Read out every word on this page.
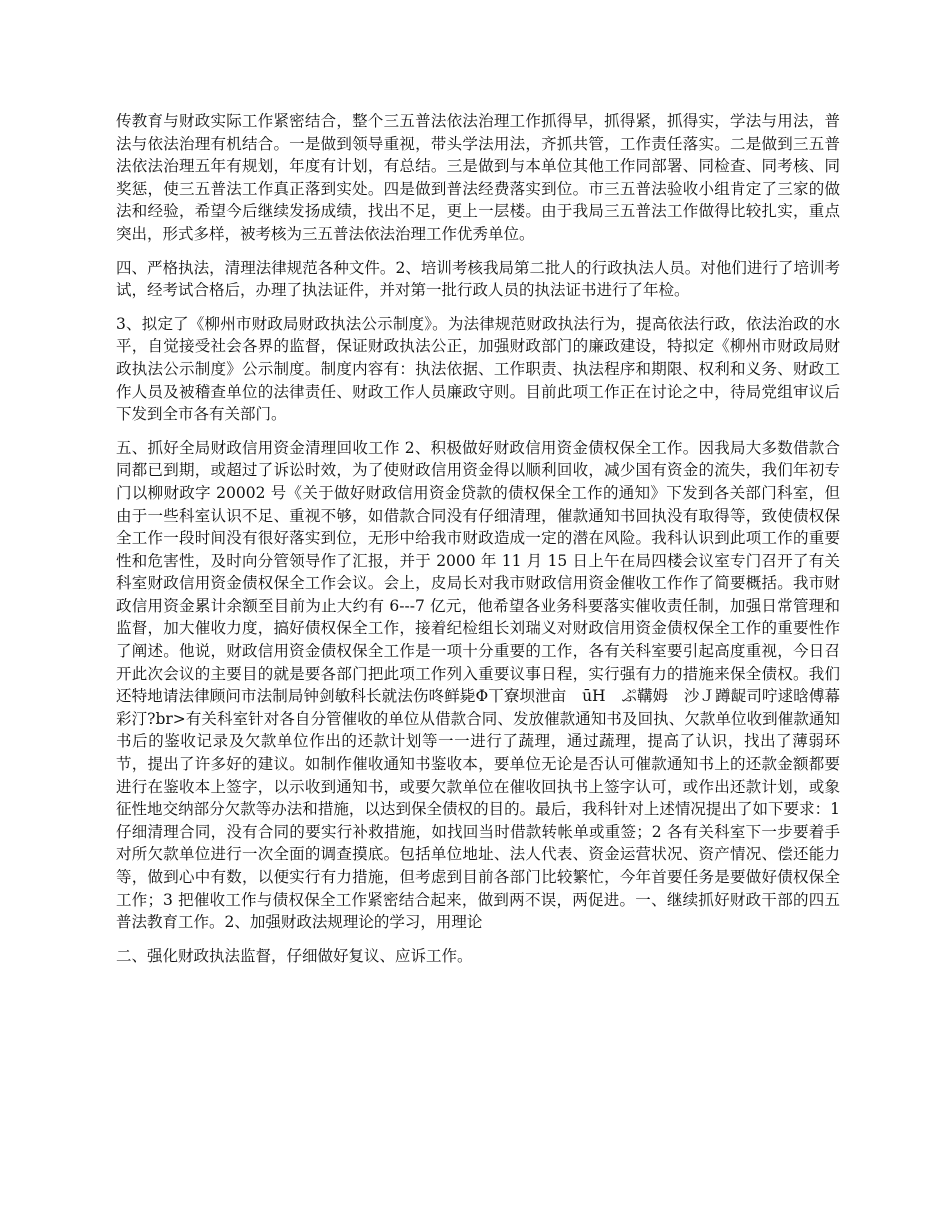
传教育与财政实际工作紧密结合，整个三五普法依法治理工作抓得早，抓得紧，抓得实，学法与用法，普法与依法治理有机结合。一是做到领导重视，带头学法用法，齐抓共管，工作责任落实。二是做到三五普法依法治理五年有规划，年度有计划，有总结。三是做到与本单位其他工作同部署、同检查、同考核、同奖惩，使三五普法工作真正落到实处。四是做到普法经费落实到位。市三五普法验收小组肯定了三家的做法和经验，希望今后继续发扬成绩，找出不足，更上一层楼。由于我局三五普法工作做得比较扎实，重点突出，形式多样，被考核为三五普法依法治理工作优秀单位。

四、严格执法，清理法律规范各种文件。2、培训考核我局第二批人的行政执法人员。对他们进行了培训考试，经考试合格后，办理了执法证件，并对第一批行政人员的执法证书进行了年检。

3、拟定了《柳州市财政局财政执法公示制度》。为法律规范财政执法行为，提高依法行政，依法治政的水平，自觉接受社会各界的监督，保证财政执法公正，加强财政部门的廉政建设，特拟定《柳州市财政局财政执法公示制度》公示制度。制度内容有：执法依据、工作职责、执法程序和期限、权利和义务、财政工作人员及被稽查单位的法律责任、财政工作人员廉政守则。目前此项工作正在讨论之中，待局党组审议后下发到全市各有关部门。

五、抓好全局财政信用资金清理回收工作 2、积极做好财政信用资金债权保全工作。因我局大多数借款合同都已到期，或超过了诉讼时效，为了使财政信用资金得以顺利回收，减少国有资金的流失，我们年初专门以柳财政字 20002 号《关于做好财政信用资金贷款的债权保全工作的通知》下发到各关部门科室，但由于一些科室认识不足、重视不够，如借款合同没有仔细清理，催款通知书回执没有取得等，致使债权保全工作一段时间没有很好落实到位，无形中给我市财政造成一定的潜在风险。我科认识到此项工作的重要性和危害性，及时向分管领导作了汇报，并于 2000 年 11 月 15 日上午在局四楼会议室专门召开了有关科室财政信用资金债权保全工作会议。会上，皮局长对我市财政信用资金催收工作作了简要概括。我市财政信用资金累计余额至目前为止大约有 6---7 亿元，他希望各业务科要落实催收责任制，加强日常管理和监督，加大催收力度，搞好债权保全工作，接着纪检组长刘瑞义对财政信用资金债权保全工作的重要性作了阐述。他说，财政信用资金债权保全工作是一项十分重要的工作，各有关科室要引起高度重视，今日召开此次会议的主要目的就是要各部门把此项工作列入重要议事日程，实行强有力的措施来保全债权。我们还特地请法律顾问市法制局钟剑敏科长就法伤咚鲜毙Φ丅寮坝泄亩　ūH　ぷ鞲姆　沙Ｊ蹲龊司咛逑晗傅幕彩汀?br>有关科室针对各自分管催收的单位从借款合同、发放催款通知书及回执、欠款单位收到催款通知书后的鉴收记录及欠款单位作出的还款计划等一一进行了蔬理，通过蔬理，提高了认识，找出了薄弱环节，提出了许多好的建议。如制作催收通知书鉴收本，要单位无论是否认可催款通知书上的还款金额都要进行在鉴收本上签字，以示收到通知书，或要欠款单位在催收回执书上签字认可，或作出还款计划，或象征性地交纳部分欠款等办法和措施，以达到保全债权的目的。最后，我科针对上述情况提出了如下要求：1 仔细清理合同，没有合同的要实行补救措施，如找回当时借款转帐单或重签；2 各有关科室下一步要着手对所欠款单位进行一次全面的调查摸底。包括单位地址、法人代表、资金运营状况、资产情况、偿还能力等，做到心中有数，以便实行有力措施，但考虑到目前各部门比较繁忙，今年首要任务是要做好债权保全工作；3 把催收工作与债权保全工作紧密结合起来，做到两不误，两促进。一、继续抓好财政干部的四五普法教育工作。2、加强财政法规理论的学习，用理论

二、强化财政执法监督，仔细做好复议、应诉工作。
